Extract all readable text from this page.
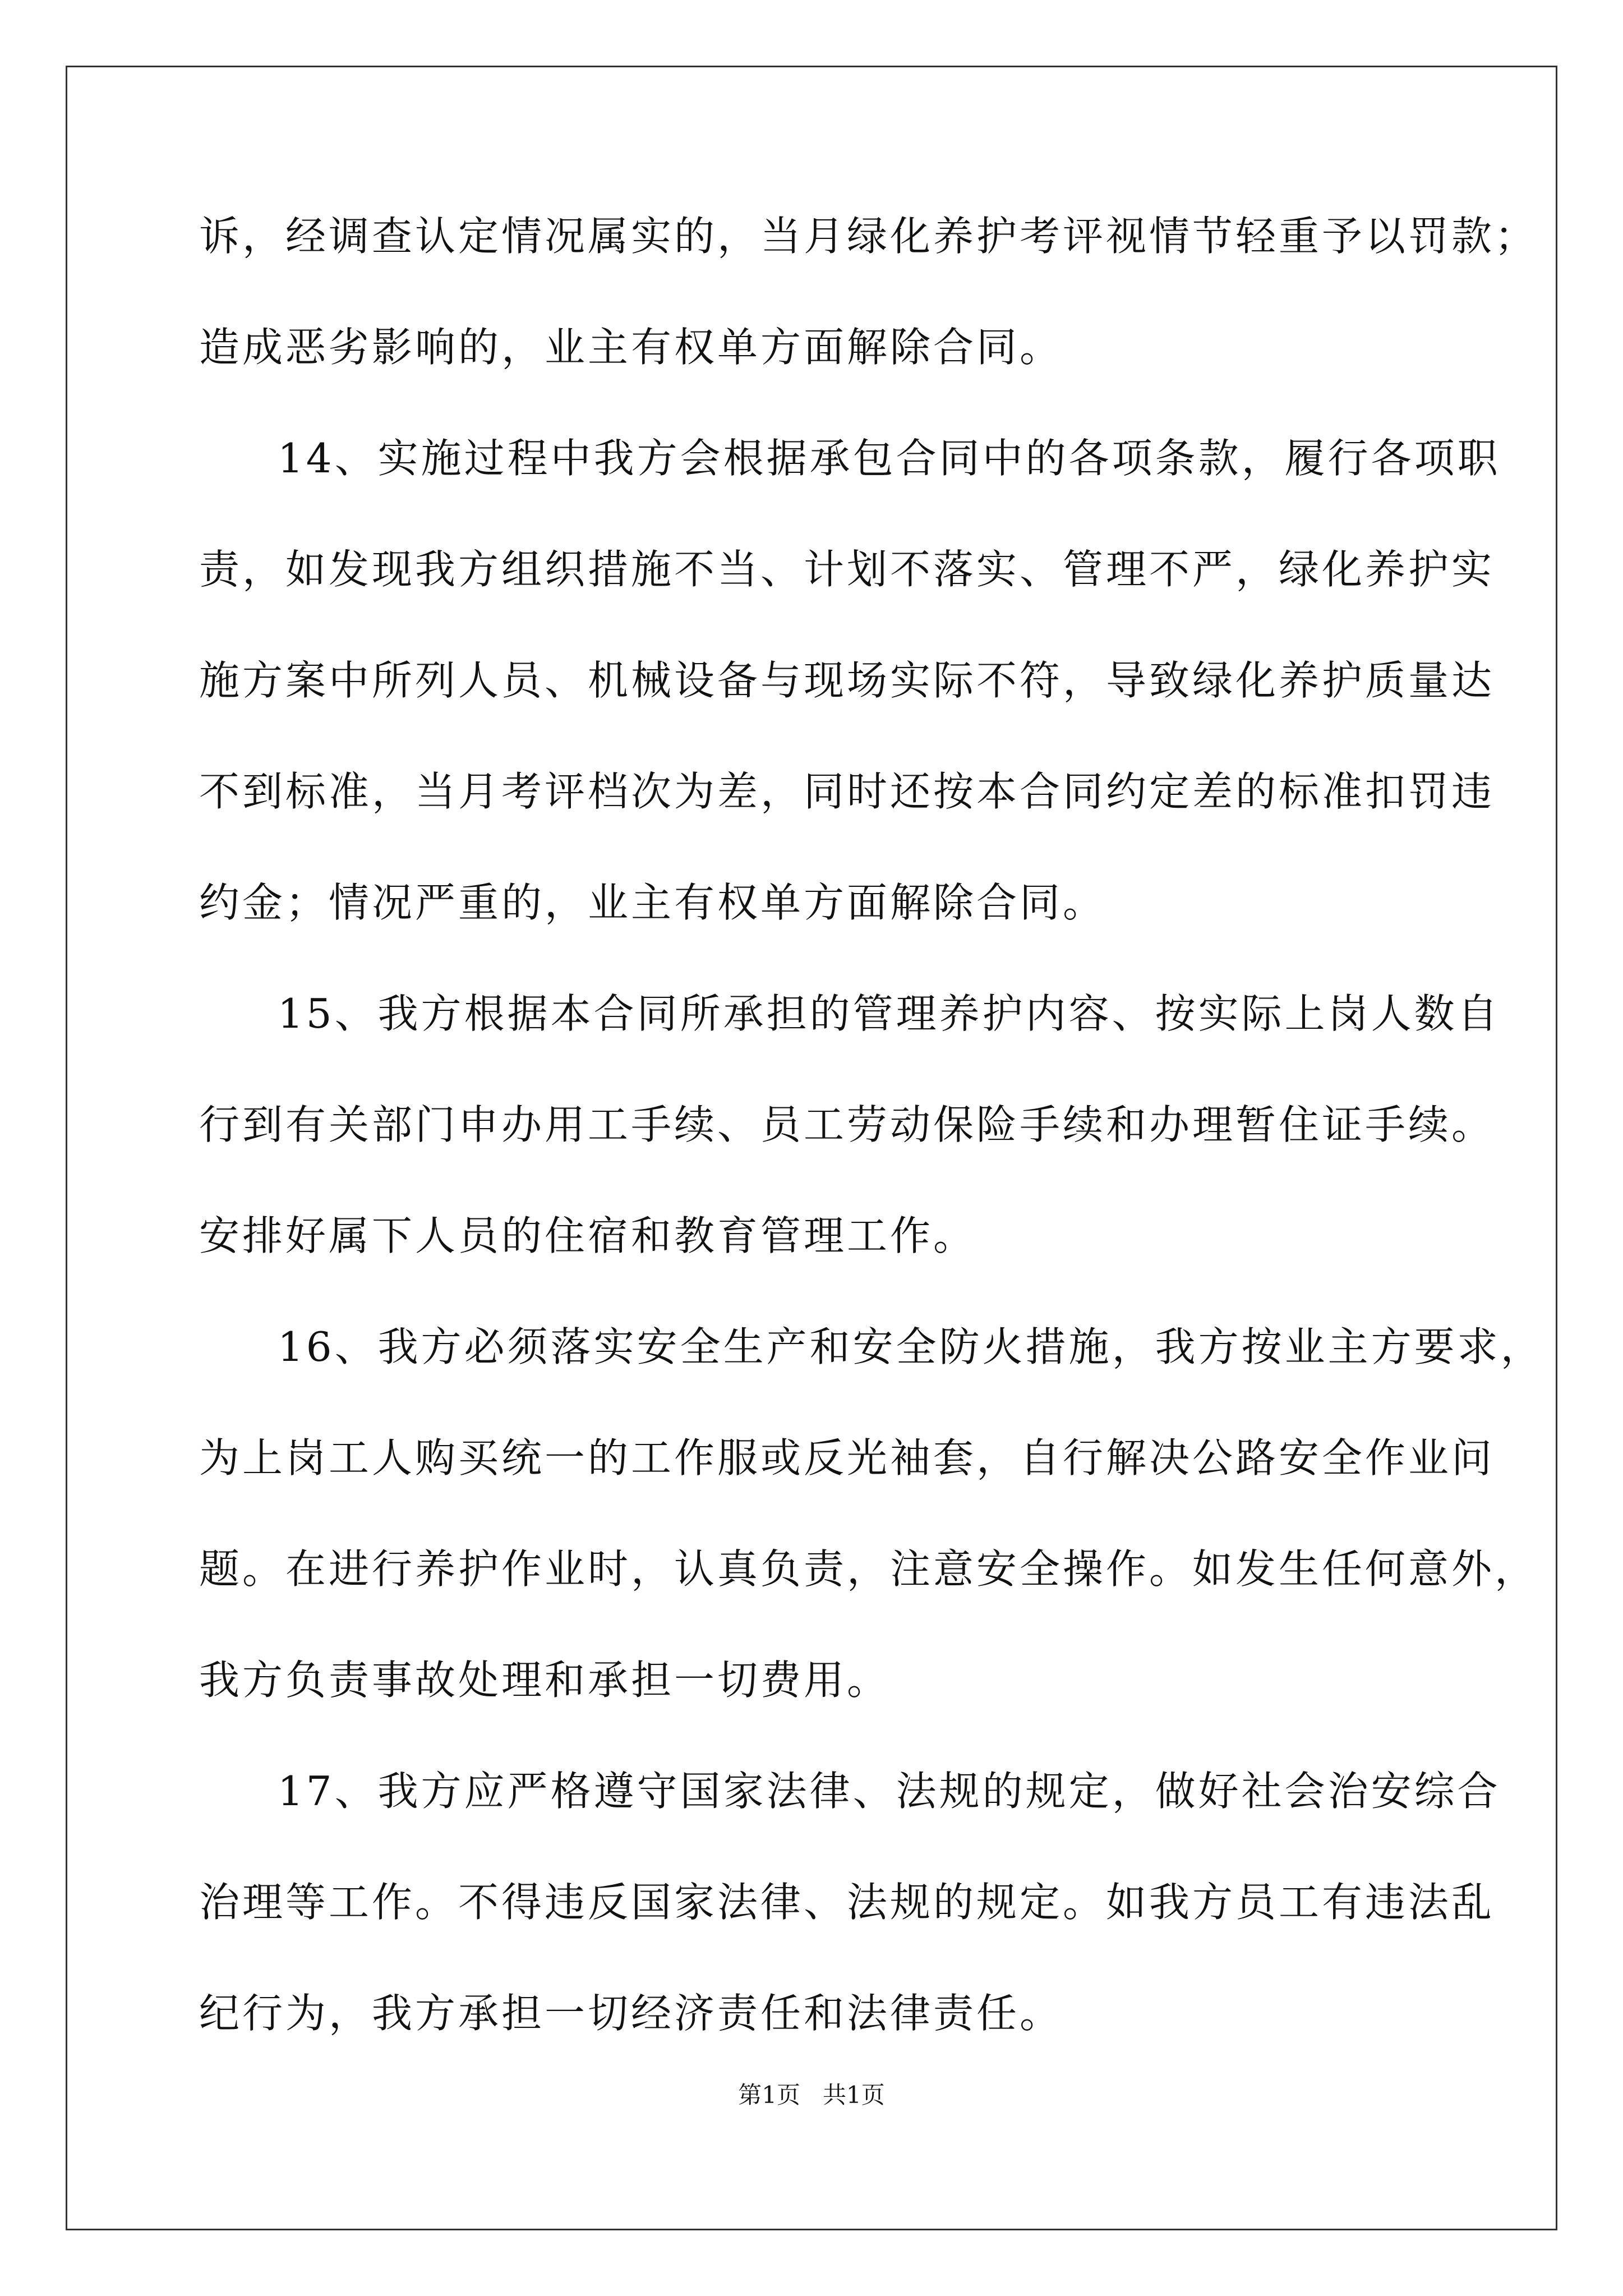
诉，经调查认定情况属实的，当月绿化养护考评视情节轻重予以罚款；
造成恶劣影响的，业主有权单方面解除合同。
14、实施过程中我方会根据承包合同中的各项条款，履行各项职
责，如发现我方组织措施不当、计划不落实、管理不严，绿化养护实
施方案中所列人员、机械设备与现场实际不符，导致绿化养护质量达
不到标准，当月考评档次为差，同时还按本合同约定差的标准扣罚违
约金；情况严重的，业主有权单方面解除合同。
15、我方根据本合同所承担的管理养护内容、按实际上岗人数自
行到有关部门申办用工手续、员工劳动保险手续和办理暂住证手续。
安排好属下人员的住宿和教育管理工作。
16、我方必须落实安全生产和安全防火措施，我方按业主方要求，
为上岗工人购买统一的工作服或反光袖套，自行解决公路安全作业问
题。在进行养护作业时，认真负责，注意安全操作。如发生任何意外，
我方负责事故处理和承担一切费用。
17、我方应严格遵守国家法律、法规的规定，做好社会治安综合
治理等工作。不得违反国家法律、法规的规定。如我方员工有违法乱
纪行为，我方承担一切经济责任和法律责任。
第1页   共1页
